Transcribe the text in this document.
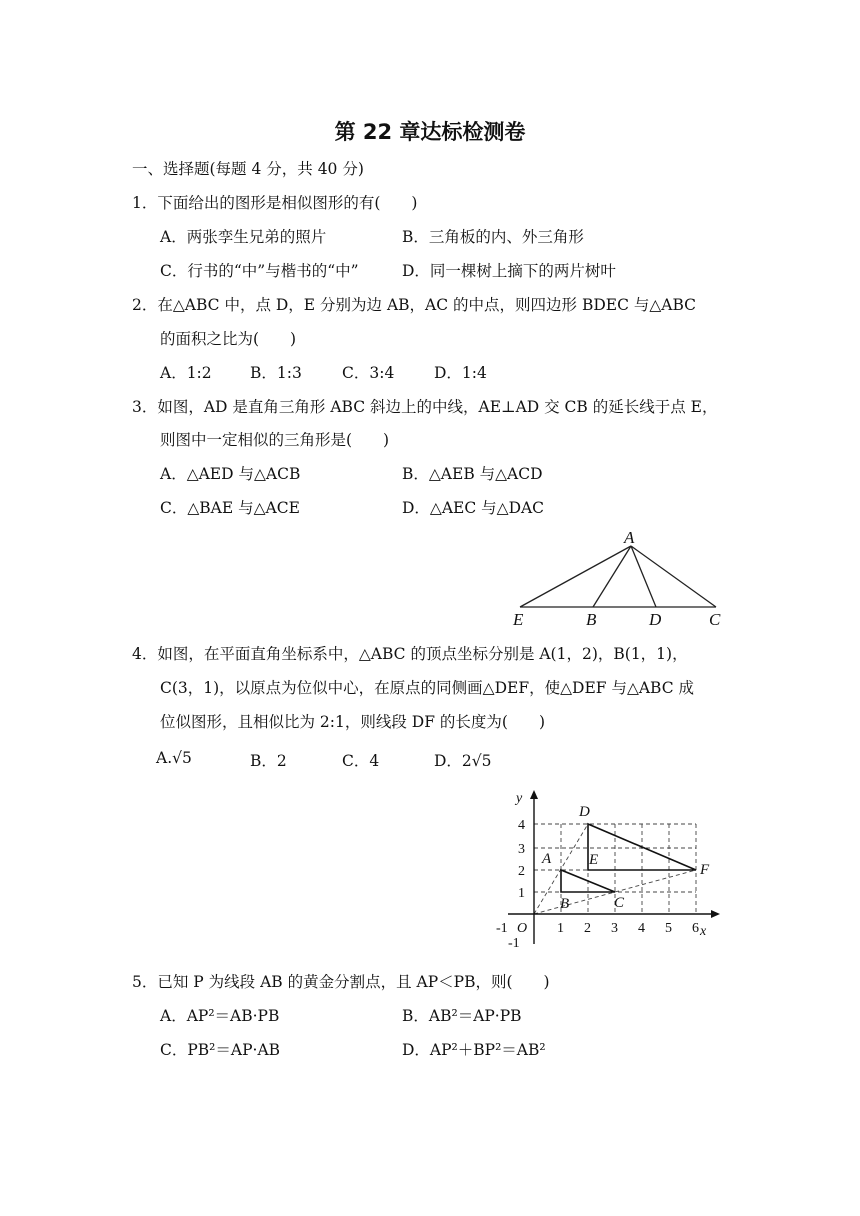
第 22 章达标检测卷
一、选择题(每题 4 分，共 40 分)
1．下面给出的图形是相似图形的有(　　)
A．两张孪生兄弟的照片	B．三角板的内、外三角形
C．行书的“中”与楷书的“中”	D．同一棵树上摘下的两片树叶
2．在△ABC 中，点 D，E 分别为边 AB，AC 的中点，则四边形 BDEC 与△ABC
的面积之比为(　　)
A．1:2 B．1:3	C．3:4	D．1:4
3．如图，AD 是直角三角形 ABC 斜边上的中线，AE⊥AD 交 CB 的延长线于点 E，
则图中一定相似的三角形是(　　)
A．△AED 与△ACB	B．△AEB 与△ACD
C．△BAE 与△ACE	D．△AEC 与△DAC
A
E	B	D	C
4．如图，在平面直角坐标系中，△ABC 的顶点坐标分别是 A(1，2)，B(1，1)，
C(3，1)，以原点为位似中心，在原点的同侧画△DEF，使△DEF 与△ABC 成
位似图形，且相似比为 2:1，则线段 DF 的长度为(　　)
A.√5	B．2	C．4	D．2√5
x
y
O
-1	1 2 3 4 5 6
1
2
3
4
-1
A
B	C
D
E
F
5．已知 P 为线段 AB 的黄金分割点，且 AP＜PB，则(　　)
A．AP²＝AB·PB	B．AB²＝AP·PB
C．PB²＝AP·AB	D．AP²＋BP²＝AB²
